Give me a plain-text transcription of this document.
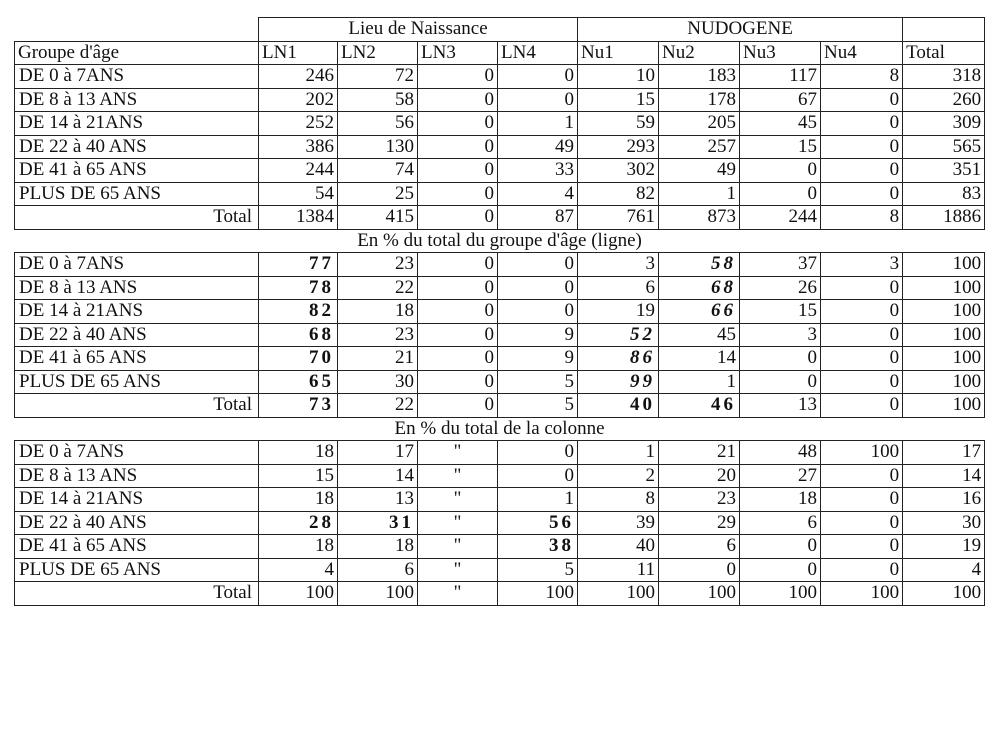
	Lieu de Naissance				NUDOGENE				
Groupe d'âge	LN1	LN2	LN3	LN4	Nu1	Nu2	Nu3	Nu4	Total
DE 0 à 7ANS	246	72	0	0	10	183	117	8	318
DE 8 à 13 ANS	202	58	0	0	15	178	67	0	260
DE 14 à 21ANS	252	56	0	1	59	205	45	0	309
DE 22 à 40 ANS	386	130	0	49	293	257	15	0	565
DE 41 à 65 ANS	244	74	0	33	302	49	0	0	351
PLUS DE 65 ANS	54	25	0	4	82	1	0	0	83
Total	1384	415	0	87	761	873	244	8	1886
En % du total du groupe d'âge (ligne)									
DE 0 à 7ANS	77	23	0	0	3	58	37	3	100
DE 8 à 13 ANS	78	22	0	0	6	68	26	0	100
DE 14 à 21ANS	82	18	0	0	19	66	15	0	100
DE 22 à 40 ANS	68	23	0	9	52	45	3	0	100
DE 41 à 65 ANS	70	21	0	9	86	14	0	0	100
PLUS DE 65 ANS	65	30	0	5	99	1	0	0	100
Total	73	22	0	5	40	46	13	0	100
En % du total de la colonne									
DE 0 à 7ANS	18	17	"	0	1	21	48	100	17
DE 8 à 13 ANS	15	14	"	0	2	20	27	0	14
DE 14 à 21ANS	18	13	"	1	8	23	18	0	16
DE 22 à 40 ANS	28	31	"	56	39	29	6	0	30
DE 41 à 65 ANS	18	18	"	38	40	6	0	0	19
PLUS DE 65 ANS	4	6	"	5	11	0	0	0	4
Total	100	100	"	100	100	100	100	100	100
